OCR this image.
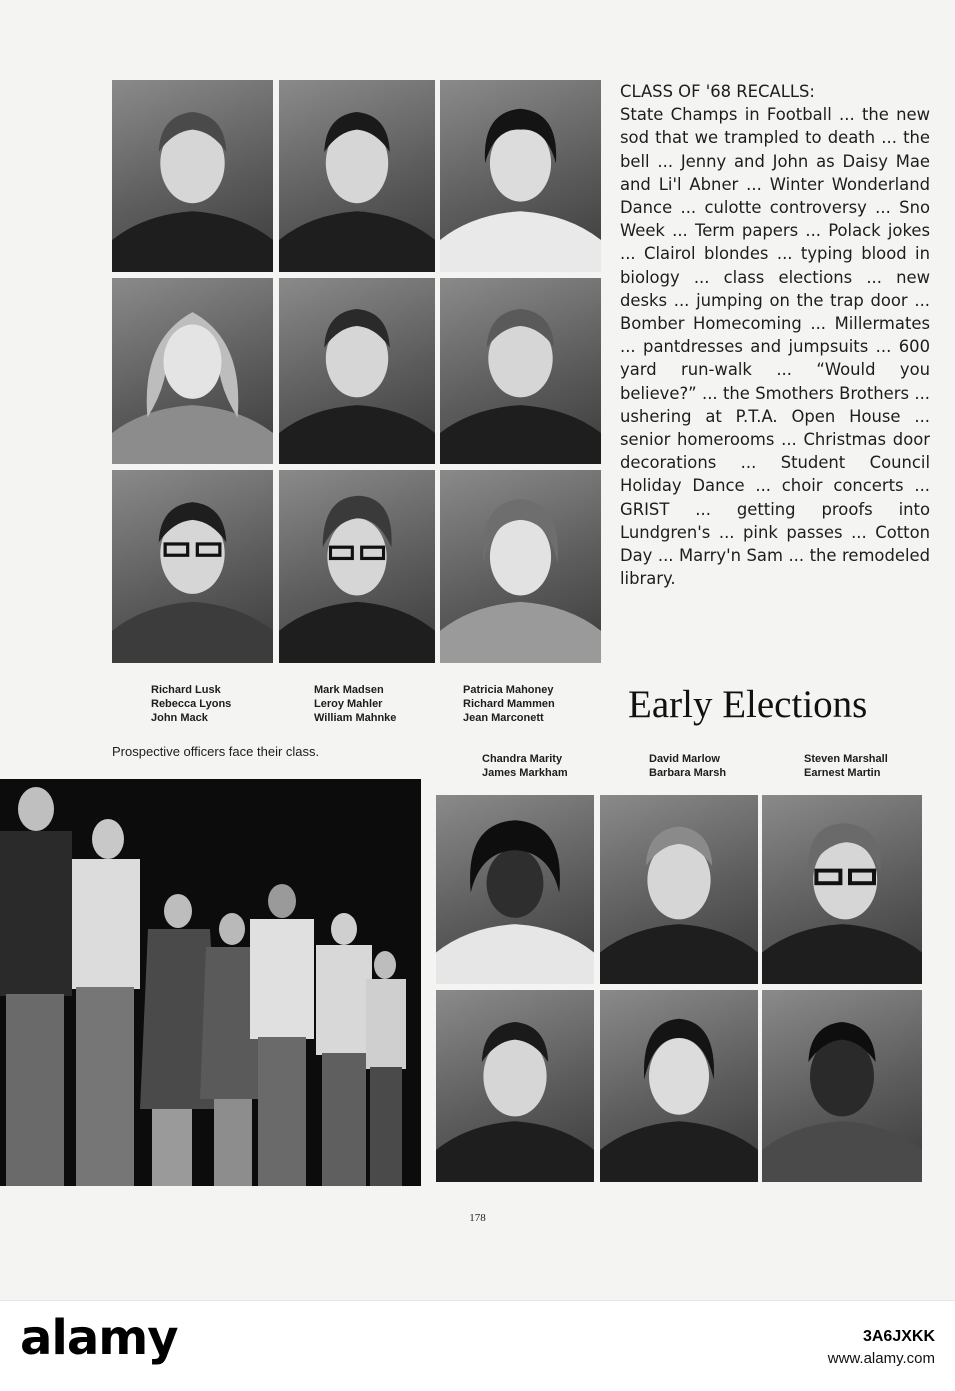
CLASS OF '68 RECALLS:
State Champs in Football ... the new sod that we trampled to death ... the bell ... Jenny and John as Daisy Mae and Li'l Abner ... Winter Wonderland Dance ... culotte controversy ... Sno Week ... Term papers ... Polack jokes ... Clairol blondes ... typing blood in biology ... class elections ... new desks ... jumping on the trap door ... Bomber Homecoming ... Millermates ... pantdresses and jumpsuits ... 600 yard run-walk ... “Would you believe?” ... the Smothers Brothers ... ushering at P.T.A. Open House ... senior homerooms ... Christmas door decorations ... Student Council Holiday Dance ... choir concerts ... GRIST ... getting proofs into Lundgren's ... pink passes ... Cotton Day ... Marry'n Sam ... the remodeled library.

Richard Lusk
Rebecca Lyons
John Mack
Mark Madsen
Leroy Mahler
William Mahnke
Patricia Mahoney
Richard Mammen
Jean Marconett Early Elections

Prospective officers face their class.	Chandra Marity
James Markham
David Marlow
Barbara Marsh
Steven Marshall
Earnest Martin
178
alamy	3A6JXKK
www.alamy.com
